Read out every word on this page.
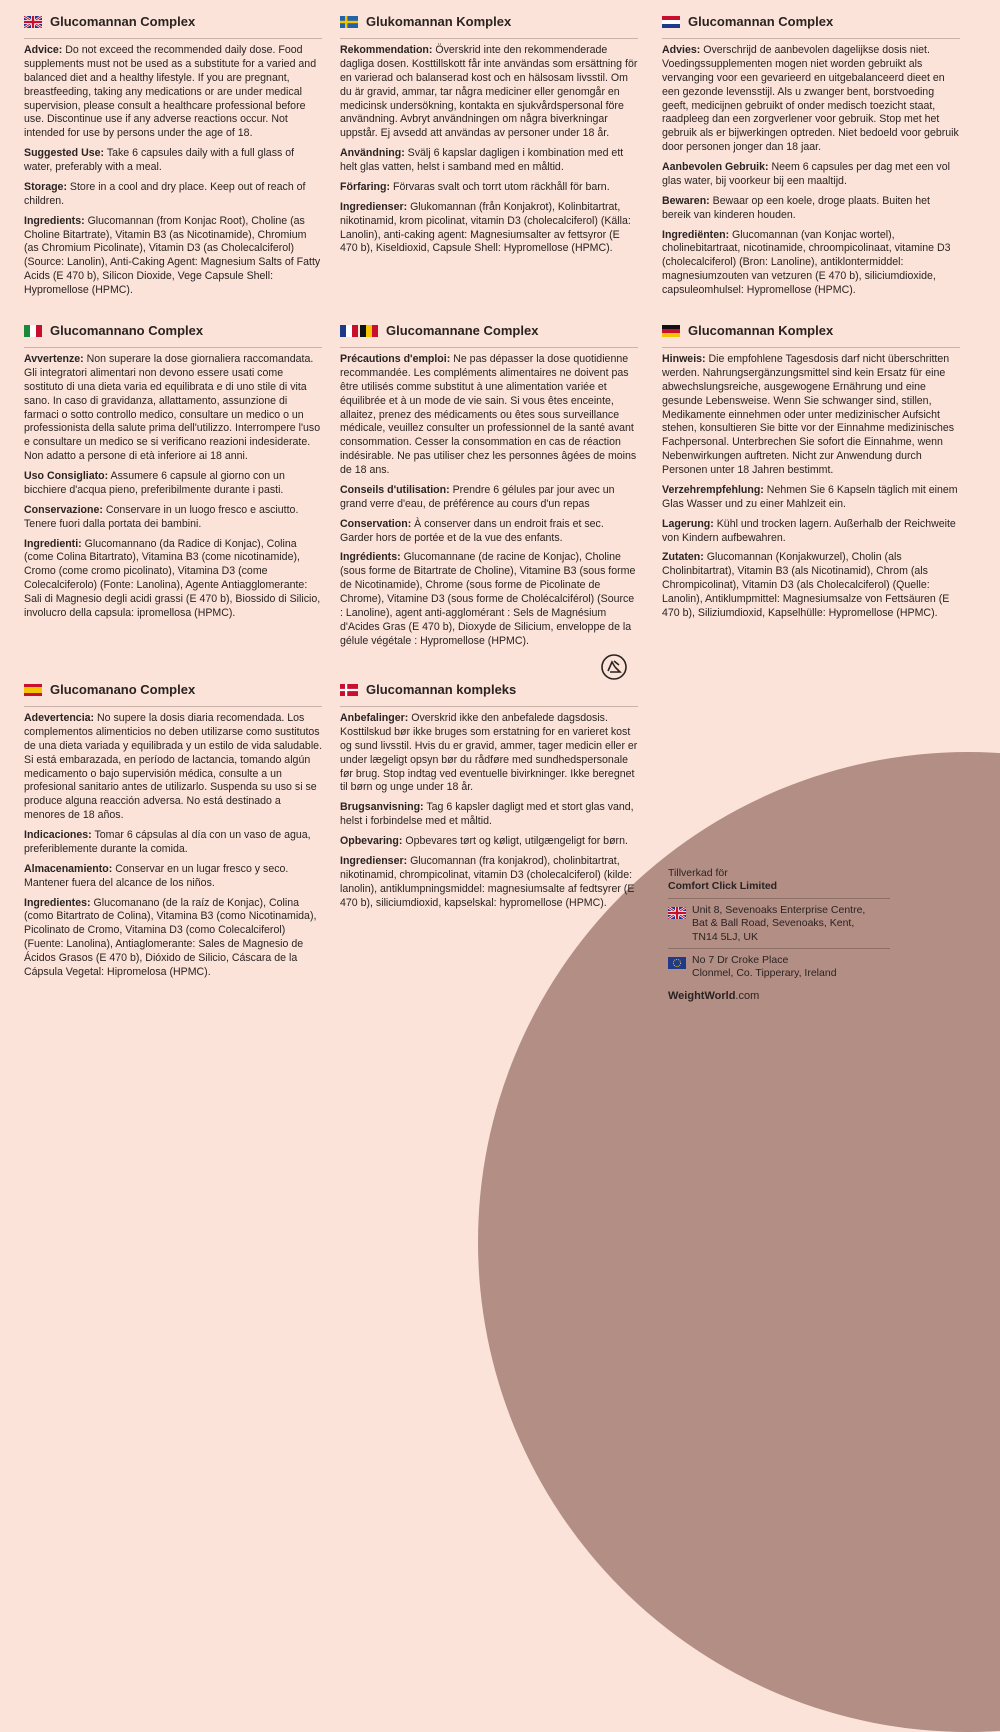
Glucomannan Complex
Advice: Do not exceed the recommended daily dose. Food supplements must not be used as a substitute for a varied and balanced diet and a healthy lifestyle. If you are pregnant, breastfeeding, taking any medications or are under medical supervision, please consult a healthcare professional before use. Discontinue use if any adverse reactions occur. Not intended for use by persons under the age of 18.
Suggested Use: Take 6 capsules daily with a full glass of water, preferably with a meal.
Storage: Store in a cool and dry place. Keep out of reach of children.
Ingredients: Glucomannan (from Konjac Root), Choline (as Choline Bitartrate), Vitamin B3 (as Nicotinamide), Chromium (as Chromium Picolinate), Vitamin D3 (as Cholecalciferol) (Source: Lanolin), Anti-Caking Agent: Magnesium Salts of Fatty Acids (E 470 b), Silicon Dioxide, Vege Capsule Shell: Hypromellose (HPMC).
Glukomannan Komplex
Rekommendation: Överskrid inte den rekommenderade dagliga dosen. Kosttillskott får inte användas som ersättning för en varierad och balanserad kost och en hälsosam livsstil. Om du är gravid, ammar, tar några mediciner eller genomgår en medicinsk undersökning, kontakta en sjukvårdspersonal före användning. Avbryt användningen om några biverkningar uppstår. Ej avsedd att användas av personer under 18 år.
Användning: Svälj 6 kapslar dagligen i kombination med ett helt glas vatten, helst i samband med en måltid.
Förfaring: Förvaras svalt och torrt utom räckhåll för barn.
Ingredienser: Glukomannan (från Konjakrot), Kolinbitartrat, nikotinamid, krom picolinat, vitamin D3 (cholecalciferol) (Källa: Lanolin), anti-caking agent: Magnesiumsalter av fettsyror (E 470 b), Kiseldioxid, Capsule Shell: Hypromellose (HPMC).
Glucomannan Complex
Advies: Overschrijd de aanbevolen dagelijkse dosis niet. Voedingssupplementen mogen niet worden gebruikt als vervanging voor een gevarieerd en uitgebalanceerd dieet en een gezonde levensstijl. Als u zwanger bent, borstvoeding geeft, medicijnen gebruikt of onder medisch toezicht staat, raadpleeg dan een zorgverlener voor gebruik. Stop met het gebruik als er bijwerkingen optreden. Niet bedoeld voor gebruik door personen jonger dan 18 jaar.
Aanbevolen Gebruik: Neem 6 capsules per dag met een vol glas water, bij voorkeur bij een maaltijd.
Bewaren: Bewaar op een koele, droge plaats. Buiten het bereik van kinderen houden.
Ingrediënten: Glucomannan (van Konjac wortel), cholinebitartraat, nicotinamide, chroompicolinaat, vitamine D3 (cholecalciferol) (Bron: Lanoline), antiklontermiddel: magnesiumzouten van vetzuren (E 470 b), siliciumdioxide, capsuleomhulsel: Hypromellose (HPMC).
Glucomannano Complex
Avvertenze: Non superare la dose giornaliera raccomandata. Gli integratori alimentari non devono essere usati come sostituto di una dieta varia ed equilibrata e di uno stile di vita sano. In caso di gravidanza, allattamento, assunzione di farmaci o sotto controllo medico, consultare un medico o un professionista della salute prima dell'utilizzo. Interrompere l'uso e consultare un medico se si verificano reazioni indesiderate. Non adatto a persone di età inferiore ai 18 anni.
Uso Consigliato: Assumere 6 capsule al giorno con un bicchiere d'acqua pieno, preferibilmente durante i pasti.
Conservazione: Conservare in un luogo fresco e asciutto. Tenere fuori dalla portata dei bambini.
Ingredienti: Glucomannano (da Radice di Konjac), Colina (come Colina Bitartrato), Vitamina B3 (come nicotinamide), Cromo (come cromo picolinato), Vitamina D3 (come Colecalciferolo) (Fonte: Lanolina), Agente Antiagglomerante: Sali di Magnesio degli acidi grassi (E 470 b), Biossido di Silicio, involucro della capsula: ipromellosa (HPMC).
Glucomannane Complex
Précautions d'emploi: Ne pas dépasser la dose quotidienne recommandée. Les compléments alimentaires ne doivent pas être utilisés comme substitut à une alimentation variée et équilibrée et à un mode de vie sain. Si vous êtes enceinte, allaitez, prenez des médicaments ou êtes sous surveillance médicale, veuillez consulter un professionnel de la santé avant consommation. Cesser la consommation en cas de réaction indésirable. Ne pas utiliser chez les personnes âgées de moins de 18 ans.
Conseils d'utilisation: Prendre 6 gélules par jour avec un grand verre d'eau, de préférence au cours d'un repas
Conservation: À conserver dans un endroit frais et sec. Garder hors de portée et de la vue des enfants.
Ingrédients: Glucomannane (de racine de Konjac), Choline (sous forme de Bitartrate de Choline), Vitamine B3 (sous forme de Nicotinamide), Chrome (sous forme de Picolinate de Chrome), Vitamine D3 (sous forme de Cholécalciférol) (Source : Lanoline), agent anti-agglomérant : Sels de Magnésium d'Acides Gras (E 470 b), Dioxyde de Silicium, enveloppe de la gélule végétale : Hypromellose (HPMC).
Glucomannan Komplex
Hinweis: Die empfohlene Tagesdosis darf nicht überschritten werden. Nahrungsergänzungsmittel sind kein Ersatz für eine abwechslungsreiche, ausgewogene Ernährung und eine gesunde Lebensweise. Wenn Sie schwanger sind, stillen, Medikamente einnehmen oder unter medizinischer Aufsicht stehen, konsultieren Sie bitte vor der Einnahme medizinisches Fachpersonal. Unterbrechen Sie sofort die Einnahme, wenn Nebenwirkungen auftreten. Nicht zur Anwendung durch Personen unter 18 Jahren bestimmt.
Verzehrempfehlung: Nehmen Sie 6 Kapseln täglich mit einem Glas Wasser und zu einer Mahlzeit ein.
Lagerung: Kühl und trocken lagern. Außerhalb der Reichweite von Kindern aufbewahren.
Zutaten: Glucomannan (Konjakwurzel), Cholin (als Cholinbitartrat), Vitamin B3 (als Nicotinamid), Chrom (als Chrompicolinat), Vitamin D3 (als Cholecalciferol) (Quelle: Lanolin), Antiklumpmittel: Magnesiumsalze von Fettsäuren (E 470 b), Siliziumdioxid, Kapselhülle: Hypromellose (HPMC).
Glucomanano Complex
Adevertencia: No supere la dosis diaria recomendada. Los complementos alimenticios no deben utilizarse como sustitutos de una dieta variada y equilibrada y un estilo de vida saludable. Si está embarazada, en período de lactancia, tomando algún medicamento o bajo supervisión médica, consulte a un profesional sanitario antes de utilizarlo. Suspenda su uso si se produce alguna reacción adversa. No está destinado a menores de 18 años.
Indicaciones: Tomar 6 cápsulas al día con un vaso de agua, preferiblemente durante la comida.
Almacenamiento: Conservar en un lugar fresco y seco. Mantener fuera del alcance de los niños.
Ingredientes: Glucomanano (de la raíz de Konjac), Colina (como Bitartrato de Colina), Vitamina B3 (como Nicotinamida), Picolinato de Cromo, Vitamina D3 (como Colecalciferol) (Fuente: Lanolina), Antiaglomerante: Sales de Magnesio de Ácidos Grasos (E 470 b), Dióxido de Silicio, Cáscara de la Cápsula Vegetal: Hipromelosa (HPMC).
Glucomannan kompleks
Anbefalinger: Overskrid ikke den anbefalede dagsdosis. Kosttilskud bør ikke bruges som erstatning for en varieret kost og sund livsstil. Hvis du er gravid, ammer, tager medicin eller er under lægeligt opsyn bør du rådføre med sundhedspersonale før brug. Stop indtag ved eventuelle bivirkninger. Ikke beregnet til børn og unge under 18 år.
Brugsanvisning: Tag 6 kapsler dagligt med et stort glas vand, helst i forbindelse med et måltid.
Opbevaring: Opbevares tørt og køligt, utilgængeligt for børn.
Ingredienser: Glucomannan (fra konjakrod), cholinbitartrat, nikotinamid, chrompicolinat, vitamin D3 (cholecalciferol) (kilde: lanolin), antiklumpningsmiddel: magnesiumsalte af fedtsyrer (E 470 b), siliciumdioxid, kapselskal: hypromellose (HPMC).
Tillverkad för
Comfort Click Limited
Unit 8, Sevenoaks Enterprise Centre,
Bat & Ball Road, Sevenoaks, Kent,
TN14 5LJ, UK
No 7 Dr Croke Place
Clonmel, Co. Tipperary, Ireland
WeightWorld.com
